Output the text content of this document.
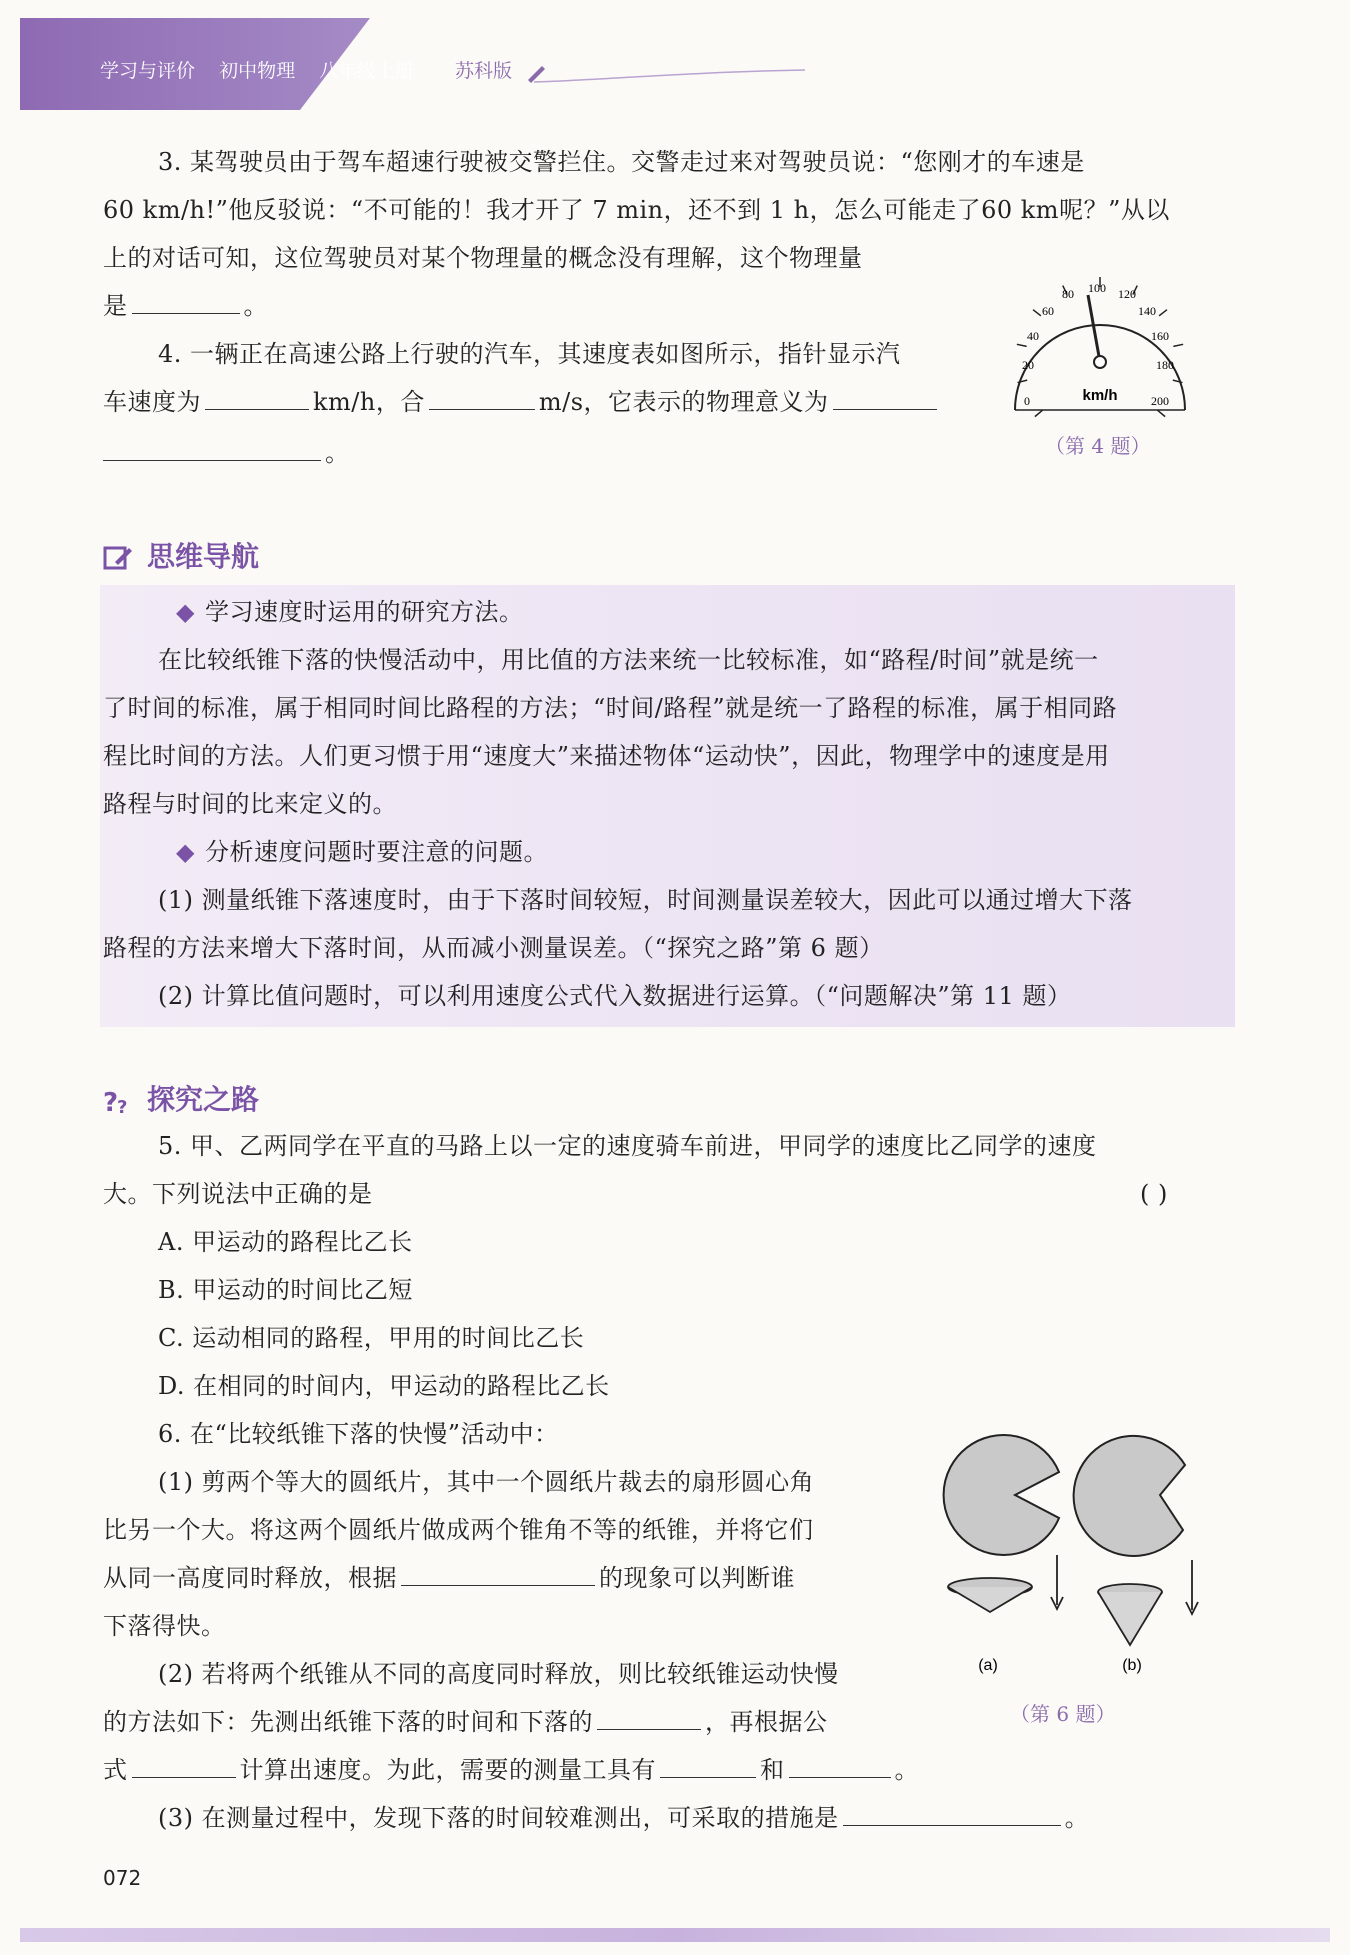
学习与评价 初中物理 八年级上册	苏科版
3. 某驾驶员由于驾车超速行驶被交警拦住。交警走过来对驾驶员说：“您刚才的车速是
60 km/h!”他反驳说：“不可能的！我才开了 7 min，还不到 1 h，怎么可能走了60 km呢？”从以
上的对话可知，这位驾驶员对某个物理量的概念没有理解，这个物理量
是	。
4. 一辆正在高速公路上行驶的汽车，其速度表如图所示，指针显示汽
车速度为	km/h，合	m/s，它表示的物理意义为
。
km/h
0
20
40
60
80 100 120
140
160
180
200
（第 4 题）
思维导航
◆ 学习速度时运用的研究方法。
在比较纸锥下落的快慢活动中，用比值的方法来统一比较标准，如“路程/时间”就是统一
了时间的标准，属于相同时间比路程的方法；“时间/路程”就是统一了路程的标准，属于相同路
程比时间的方法。人们更习惯于用“速度大”来描述物体“运动快”，因此，物理学中的速度是用
路程与时间的比来定义的。
◆ 分析速度问题时要注意的问题。
(1) 测量纸锥下落速度时，由于下落时间较短，时间测量误差较大，因此可以通过增大下落
路程的方法来增大下落时间，从而减小测量误差。（“探究之路”第 6 题）
(2) 计算比值问题时，可以利用速度公式代入数据进行运算。（“问题解决”第 11 题）
?
? 探究之路
5. 甲、乙两同学在平直的马路上以一定的速度骑车前进，甲同学的速度比乙同学的速度
大。下列说法中正确的是	( )
A. 甲运动的路程比乙长
B. 甲运动的时间比乙短
C. 运动相同的路程，甲用的时间比乙长
D. 在相同的时间内，甲运动的路程比乙长
6. 在“比较纸锥下落的快慢”活动中：
(1) 剪两个等大的圆纸片，其中一个圆纸片裁去的扇形圆心角
比另一个大。将这两个圆纸片做成两个锥角不等的纸锥，并将它们
从同一高度同时释放，根据	的现象可以判断谁
下落得快。
(2) 若将两个纸锥从不同的高度同时释放，则比较纸锥运动快慢
的方法如下：先测出纸锥下落的时间和下落的	，再根据公
式	计算出速度。为此，需要的测量工具有	和	。
(3) 在测量过程中，发现下落的时间较难测出，可采取的措施是	。
(a)	(b)
（第 6 题）
072
